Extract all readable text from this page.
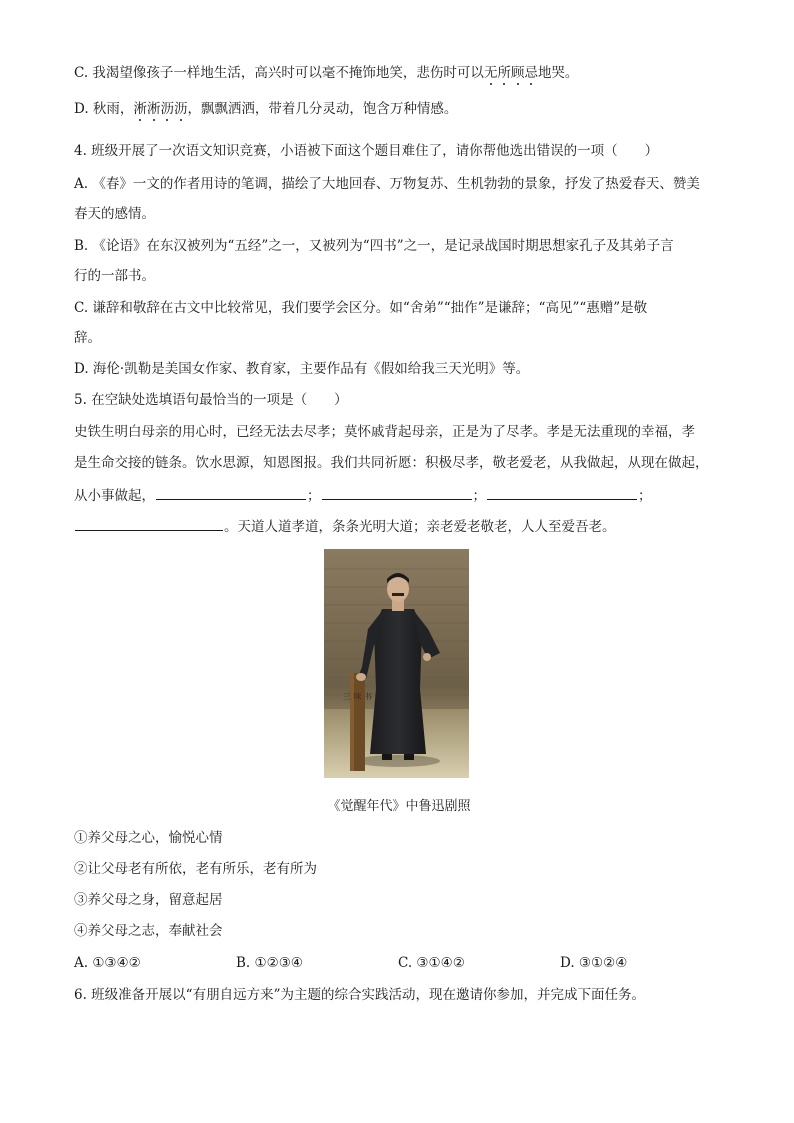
C. 我渴望像孩子一样地生活，高兴时可以毫不掩饰地笑，悲伤时可以无所顾忌地哭。
D. 秋雨，淅淅沥沥，飘飘洒洒，带着几分灵动，饱含万种情感。
4. 班级开展了一次语文知识竞赛，小语被下面这个题目难住了，请你帮他选出错误的一项（　　）
A. 《春》一文的作者用诗的笔调，描绘了大地回春、万物复苏、生机勃勃的景象，抒发了热爱春天、赞美
春天的感情。
B. 《论语》在东汉被列为“五经”之一，又被列为“四书”之一，是记录战国时期思想家孔子及其弟子言
行的一部书。
C. 谦辞和敬辞在古文中比较常见，我们要学会区分。如“舍弟”“拙作”是谦辞；“高见”“惠赠”是敬
辞。
D. 海伦·凯勒是美国女作家、教育家，主要作品有《假如给我三天光明》等。
5. 在空缺处选填语句最恰当的一项是（　　）
史铁生明白母亲的用心时，已经无法去尽孝；莫怀戚背起母亲，正是为了尽孝。孝是无法重现的幸福，孝
是生命交接的链条。饮水思源，知恩图报。我们共同祈愿：积极尽孝，敬老爱老，从我做起，从现在做起，
从小事做起，	；	；	；
。天道人道孝道，条条光明大道；亲老爱老敬老，人人至爱吾老。
三 味 书
《觉醒年代》中鲁迅剧照
①养父母之心，愉悦心情
②让父母老有所依，老有所乐，老有所为
③养父母之身，留意起居
④养父母之志，奉献社会
A. ①③④②	B. ①②③④	C. ③①④②	D. ③①②④
6. 班级准备开展以“有朋自远方来”为主题的综合实践活动，现在邀请你参加，并完成下面任务。
